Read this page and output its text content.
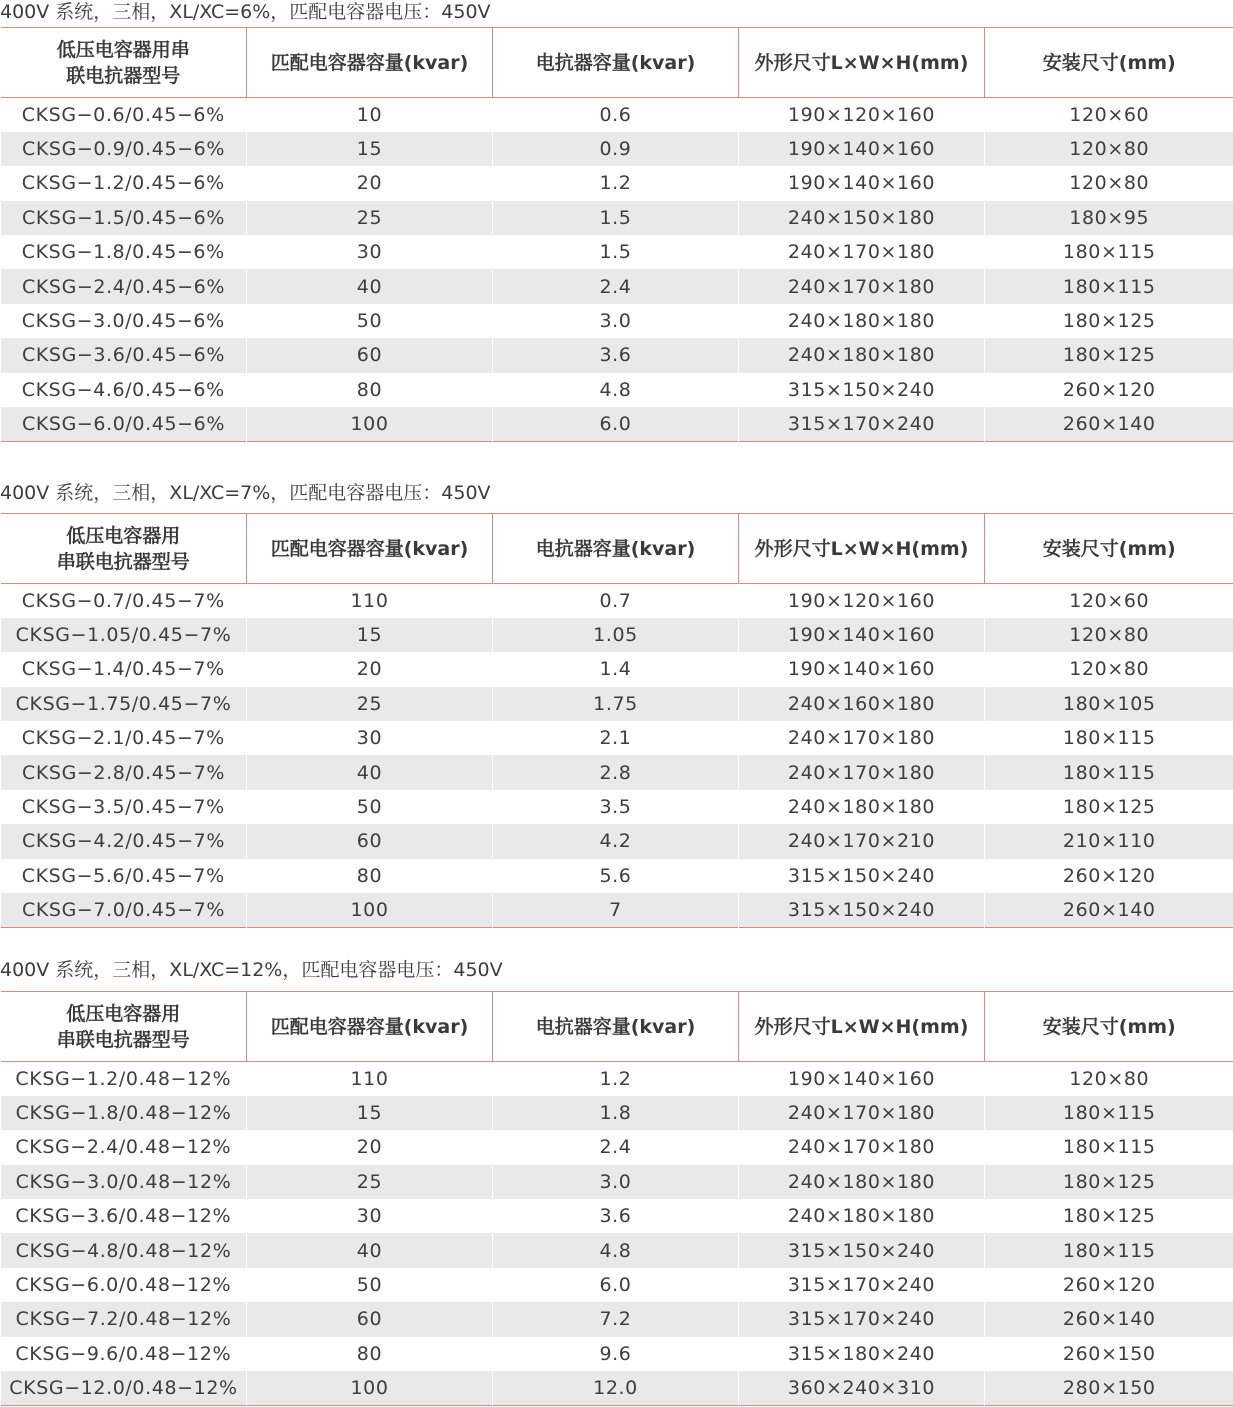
400V 系统，三相，XL/XC=6%，匹配电容器电压：450V
低压电容器用串
联电抗器型号	匹配电容器容量(kvar)	电抗器容量(kvar)	外形尺寸L×W×H(mm)	安装尺寸(mm)
CKSG−0.6/0.45−6%	10	0.6	190×120×160	120×60
CKSG−0.9/0.45−6%	15	0.9	190×140×160	120×80
CKSG−1.2/0.45−6%	20	1.2	190×140×160	120×80
CKSG−1.5/0.45−6%	25	1.5	240×150×180	180×95
CKSG−1.8/0.45−6%	30	1.5	240×170×180	180×115
CKSG−2.4/0.45−6%	40	2.4	240×170×180	180×115
CKSG−3.0/0.45−6%	50	3.0	240×180×180	180×125
CKSG−3.6/0.45−6%	60	3.6	240×180×180	180×125
CKSG−4.6/0.45−6%	80	4.8	315×150×240	260×120
CKSG−6.0/0.45−6%	100	6.0	315×170×240	260×140
400V 系统，三相，XL/XC=7%，匹配电容器电压：450V
低压电容器用
串联电抗器型号	匹配电容器容量(kvar)	电抗器容量(kvar)	外形尺寸L×W×H(mm)	安装尺寸(mm)
CKSG−0.7/0.45−7%	110	0.7	190×120×160	120×60
CKSG−1.05/0.45−7%	15	1.05	190×140×160	120×80
CKSG−1.4/0.45−7%	20	1.4	190×140×160	120×80
CKSG−1.75/0.45−7%	25	1.75	240×160×180	180×105
CKSG−2.1/0.45−7%	30	2.1	240×170×180	180×115
CKSG−2.8/0.45−7%	40	2.8	240×170×180	180×115
CKSG−3.5/0.45−7%	50	3.5	240×180×180	180×125
CKSG−4.2/0.45−7%	60	4.2	240×170×210	210×110
CKSG−5.6/0.45−7%	80	5.6	315×150×240	260×120
CKSG−7.0/0.45−7%	100	7	315×150×240	260×140
400V 系统，三相，XL/XC=12%，匹配电容器电压：450V
低压电容器用
串联电抗器型号	匹配电容器容量(kvar)	电抗器容量(kvar)	外形尺寸L×W×H(mm)	安装尺寸(mm)
CKSG−1.2/0.48−12%	110	1.2	190×140×160	120×80
CKSG−1.8/0.48−12%	15	1.8	240×170×180	180×115
CKSG−2.4/0.48−12%	20	2.4	240×170×180	180×115
CKSG−3.0/0.48−12%	25	3.0	240×180×180	180×125
CKSG−3.6/0.48−12%	30	3.6	240×180×180	180×125
CKSG−4.8/0.48−12%	40	4.8	315×150×240	180×115
CKSG−6.0/0.48−12%	50	6.0	315×170×240	260×120
CKSG−7.2/0.48−12%	60	7.2	315×170×240	260×140
CKSG−9.6/0.48−12%	80	9.6	315×180×240	260×150
CKSG−12.0/0.48−12%	100	12.0	360×240×310	280×150
